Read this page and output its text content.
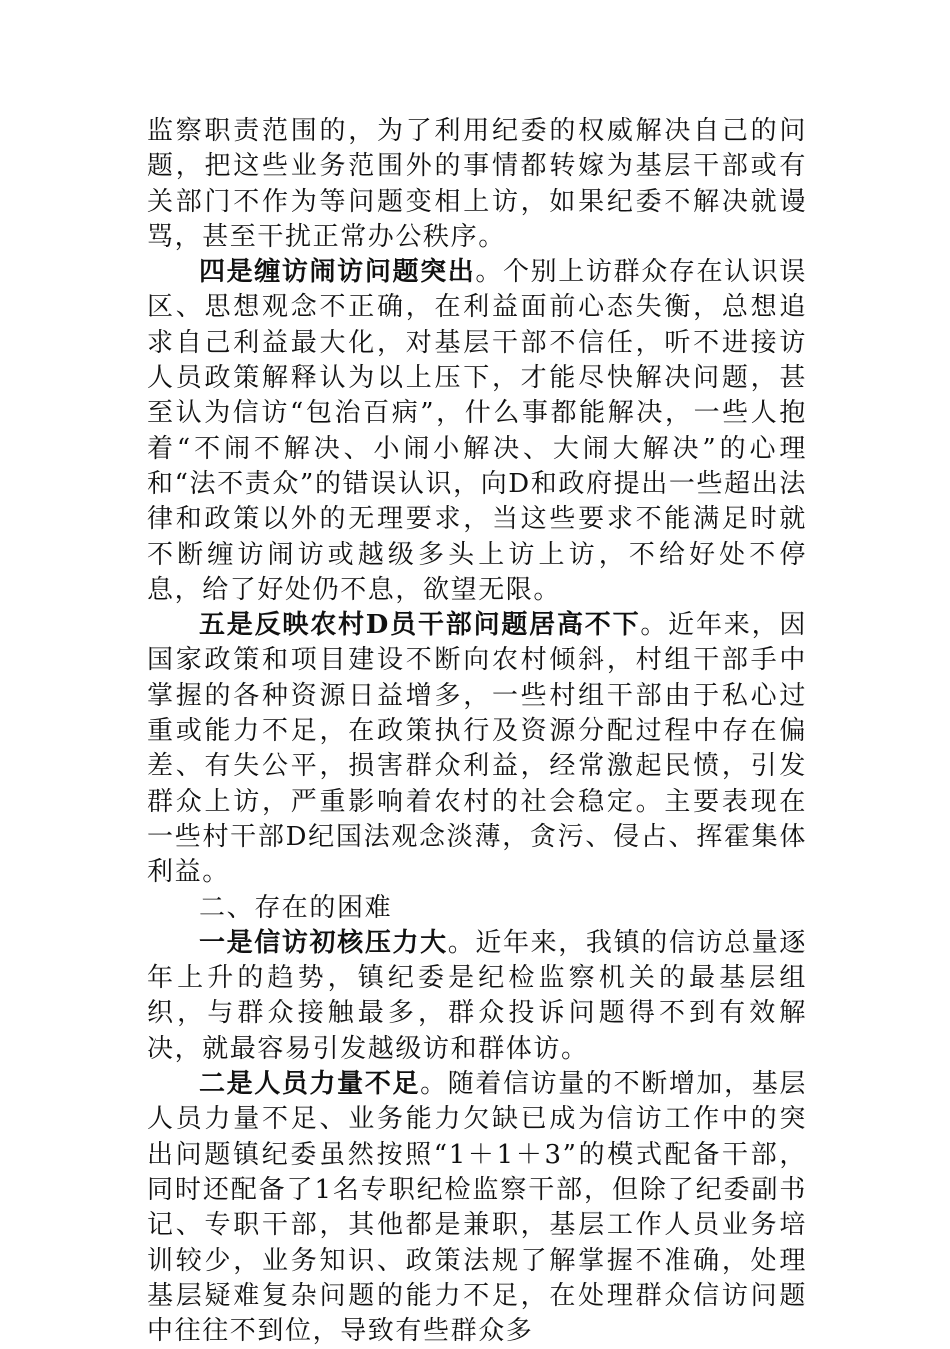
监察职责范围的，为了利用纪委的权威解决自己的问题，把这些业务范围外的事情都转嫁为基层干部或有关部门不作为等问题变相上访，如果纪委不解决就谩骂，甚至干扰正常办公秩序。

四是缠访闹访问题突出。个别上访群众存在认识误区、思想观念不正确，在利益面前心态失衡，总想追求自己利益最大化，对基层干部不信任，听不进接访人员政策解释认为以上压下，才能尽快解决问题，甚至认为信访“包治百病”，什么事都能解决，一些人抱着“不闹不解决、小闹小解决、大闹大解决”的心理和“法不责众”的错误认识，向D和政府提出一些超出法律和政策以外的无理要求，当这些要求不能满足时就不断缠访闹访或越级多头上访上访，不给好处不停息，给了好处仍不息，欲望无限。

五是反映农村D员干部问题居高不下。近年来，因国家政策和项目建设不断向农村倾斜，村组干部手中掌握的各种资源日益增多，一些村组干部由于私心过重或能力不足，在政策执行及资源分配过程中存在偏差、有失公平，损害群众利益，经常激起民愤，引发群众上访，严重影响着农村的社会稳定。主要表现在一些村干部D纪国法观念淡薄，贪污、侵占、挥霍集体利益。

二、存在的困难

一是信访初核压力大。近年来，我镇的信访总量逐年上升的趋势，镇纪委是纪检监察机关的最基层组织，与群众接触最多，群众投诉问题得不到有效解决，就最容易引发越级访和群体访。

二是人员力量不足。随着信访量的不断增加，基层人员力量不足、业务能力欠缺已成为信访工作中的突出问题镇纪委虽然按照“1＋1＋3”的模式配备干部，同时还配备了1名专职纪检监察干部，但除了纪委副书记、专职干部，其他都是兼职，基层工作人员业务培训较少，业务知识、政策法规了解掌握不准确，处理基层疑难复杂问题的能力不足，在处理群众信访问题中往往不到位，导致有些群众多
